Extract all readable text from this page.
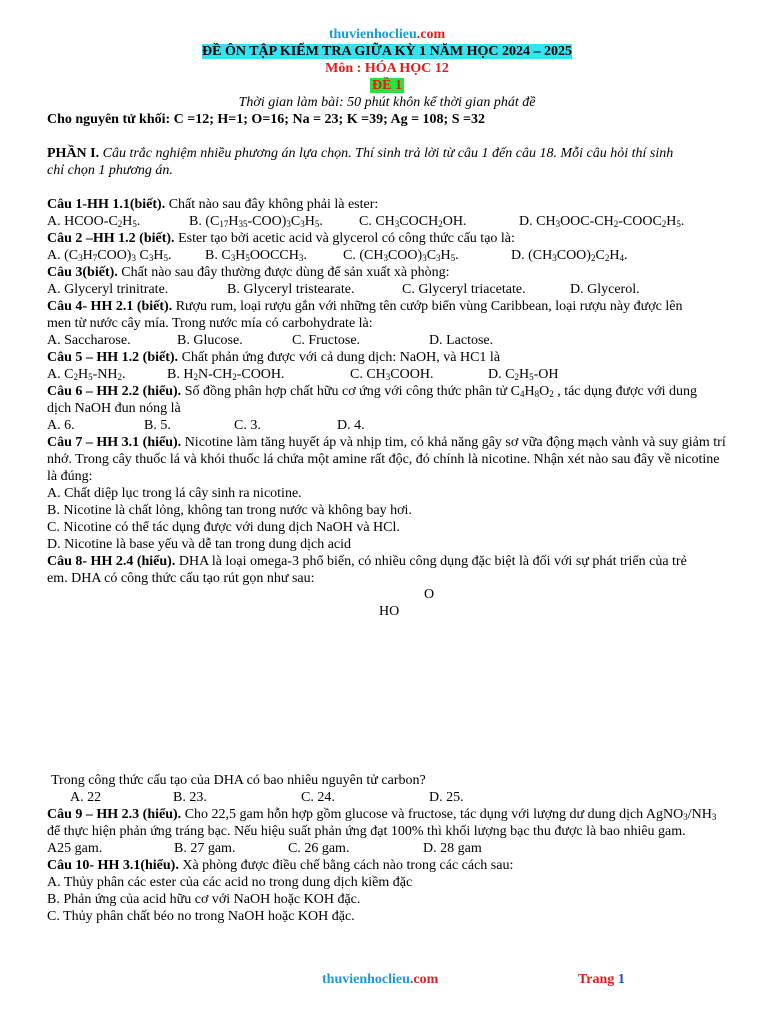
thuvienhoclieu.com
ĐỀ ÔN TẬP KIỂM TRA GIỮA KỲ 1 NĂM HỌC 2024 – 2025
Môn : HÓA HỌC 12
ĐỀ 1
Thời gian làm bài: 50 phút khôn kể thời gian phát đề
Cho nguyên tử khối: C =12; H=1; O=16; Na = 23; K =39; Ag = 108; S =32
PHẦN I. Câu trắc nghiệm nhiều phương án lựa chọn. Thí sinh trả lời từ câu 1 đến câu 18. Mỗi câu hỏi thí sinh chỉ chọn 1 phương án.
Câu 1-HH 1.1(biết). Chất nào sau đây không phải là ester:
A. HCOO-$C_2H_5$.	B. $(C_{17}H_{35}-COO)_3C_3H_5$.	C. $CH_3COCH_2OH$.	D. $CH_3OOC-CH_2-COOC_2H_5$.
Câu 2 –HH 1.2 (biết). Ester tạo bởi acetic acid và glycerol có công thức cấu tạo là:
A. $(C_3H_7COO)_3$ $C_3H_5$.	B. $C_3H_5OOCCH_3$.	C. $(CH_3COO)_3C_3H_5$.	D. $(CH_3COO)_2C_2H_4$.
Câu 3(biết). Chất nào sau đây thường được dùng để sản xuất xà phòng:
A. Glyceryl trinitrate.	B. Glyceryl tristearate.	C. Glyceryl triacetate.	D. Glycerol.
Câu 4- HH 2.1 (biết). Rượu rum, loại rượu gắn với những tên cướp biển vùng Caribbean, loại rượu này được lên men từ nước cây mía. Trong nước mía có carbohydrate là:
A. Saccharose.	B. Glucose.	C. Fructose.	D. Lactose.
Câu 5 – HH 1.2 (biết). Chất phản ứng được với cả dung dịch: NaOH, và HC1 là
A. $C_2H_5-NH_2$.	B. $H_2N-CH_2$-COOH.	C. $CH_3COOH$.	D. $C_2H_5-OH$
Câu 6 – HH 2.2 (hiểu). Số đồng phân hợp chất hữu cơ ứng với công thức phân tử $C_4H_8O_2$ , tác dụng được với dung dịch NaOH đun nóng là
A. 6.	B. 5.	C. 3.	D. 4.
Câu 7 – HH 3.1 (hiểu). Nicotine làm tăng huyết áp và nhịp tim, có khả năng gây sơ vữa động mạch vành và suy giảm trí nhớ. Trong cây thuốc lá và khói thuốc lá chứa một amine rất độc, đó chính là nicotine. Nhận xét nào sau đây về nicotine là đúng:
A. Chất diệp lục trong lá cây sinh ra nicotine.
B. Nicotine là chất lỏng, không tan trong nước và không bay hơi.
C. Nicotine có thể tác dụng được với dung dịch NaOH và HCl.
D. Nicotine là base yếu và dễ tan trong dung dịch acid
Câu 8- HH 2.4 (hiểu). DHA là loại omega-3 phổ biến, có nhiều công dụng đặc biệt là đối với sự phát triển của trẻ em. DHA có công thức cấu tạo rút gọn như sau:
O
HO
Trong công thức cấu tạo của DHA có bao nhiêu nguyên tử carbon?
A. 22	B. 23.	C. 24.	D. 25.
Câu 9 – HH 2.3 (hiểu). Cho 22,5 gam hỗn hợp gồm glucose và fructose, tác dụng với lượng dư dung dịch $AgNO_3/NH_3$ để thực hiện phản ứng tráng bạc. Nếu hiệu suất phản ứng đạt 100% thì khối lượng bạc thu được là bao nhiêu gam.
A25 gam.	B. 27 gam.	C. 26 gam.	D. 28 gam
Câu 10- HH 3.1(hiểu). Xà phòng được điều chế bằng cách nào trong các cách sau:
A. Thủy phân các ester của các acid no trong dung dịch kiềm đặc
B. Phản ứng của acid hữu cơ với NaOH hoặc KOH đặc.
C. Thủy phân chất béo no trong NaOH hoặc KOH đặc.
thuvienhoclieu.com	Trang 1
